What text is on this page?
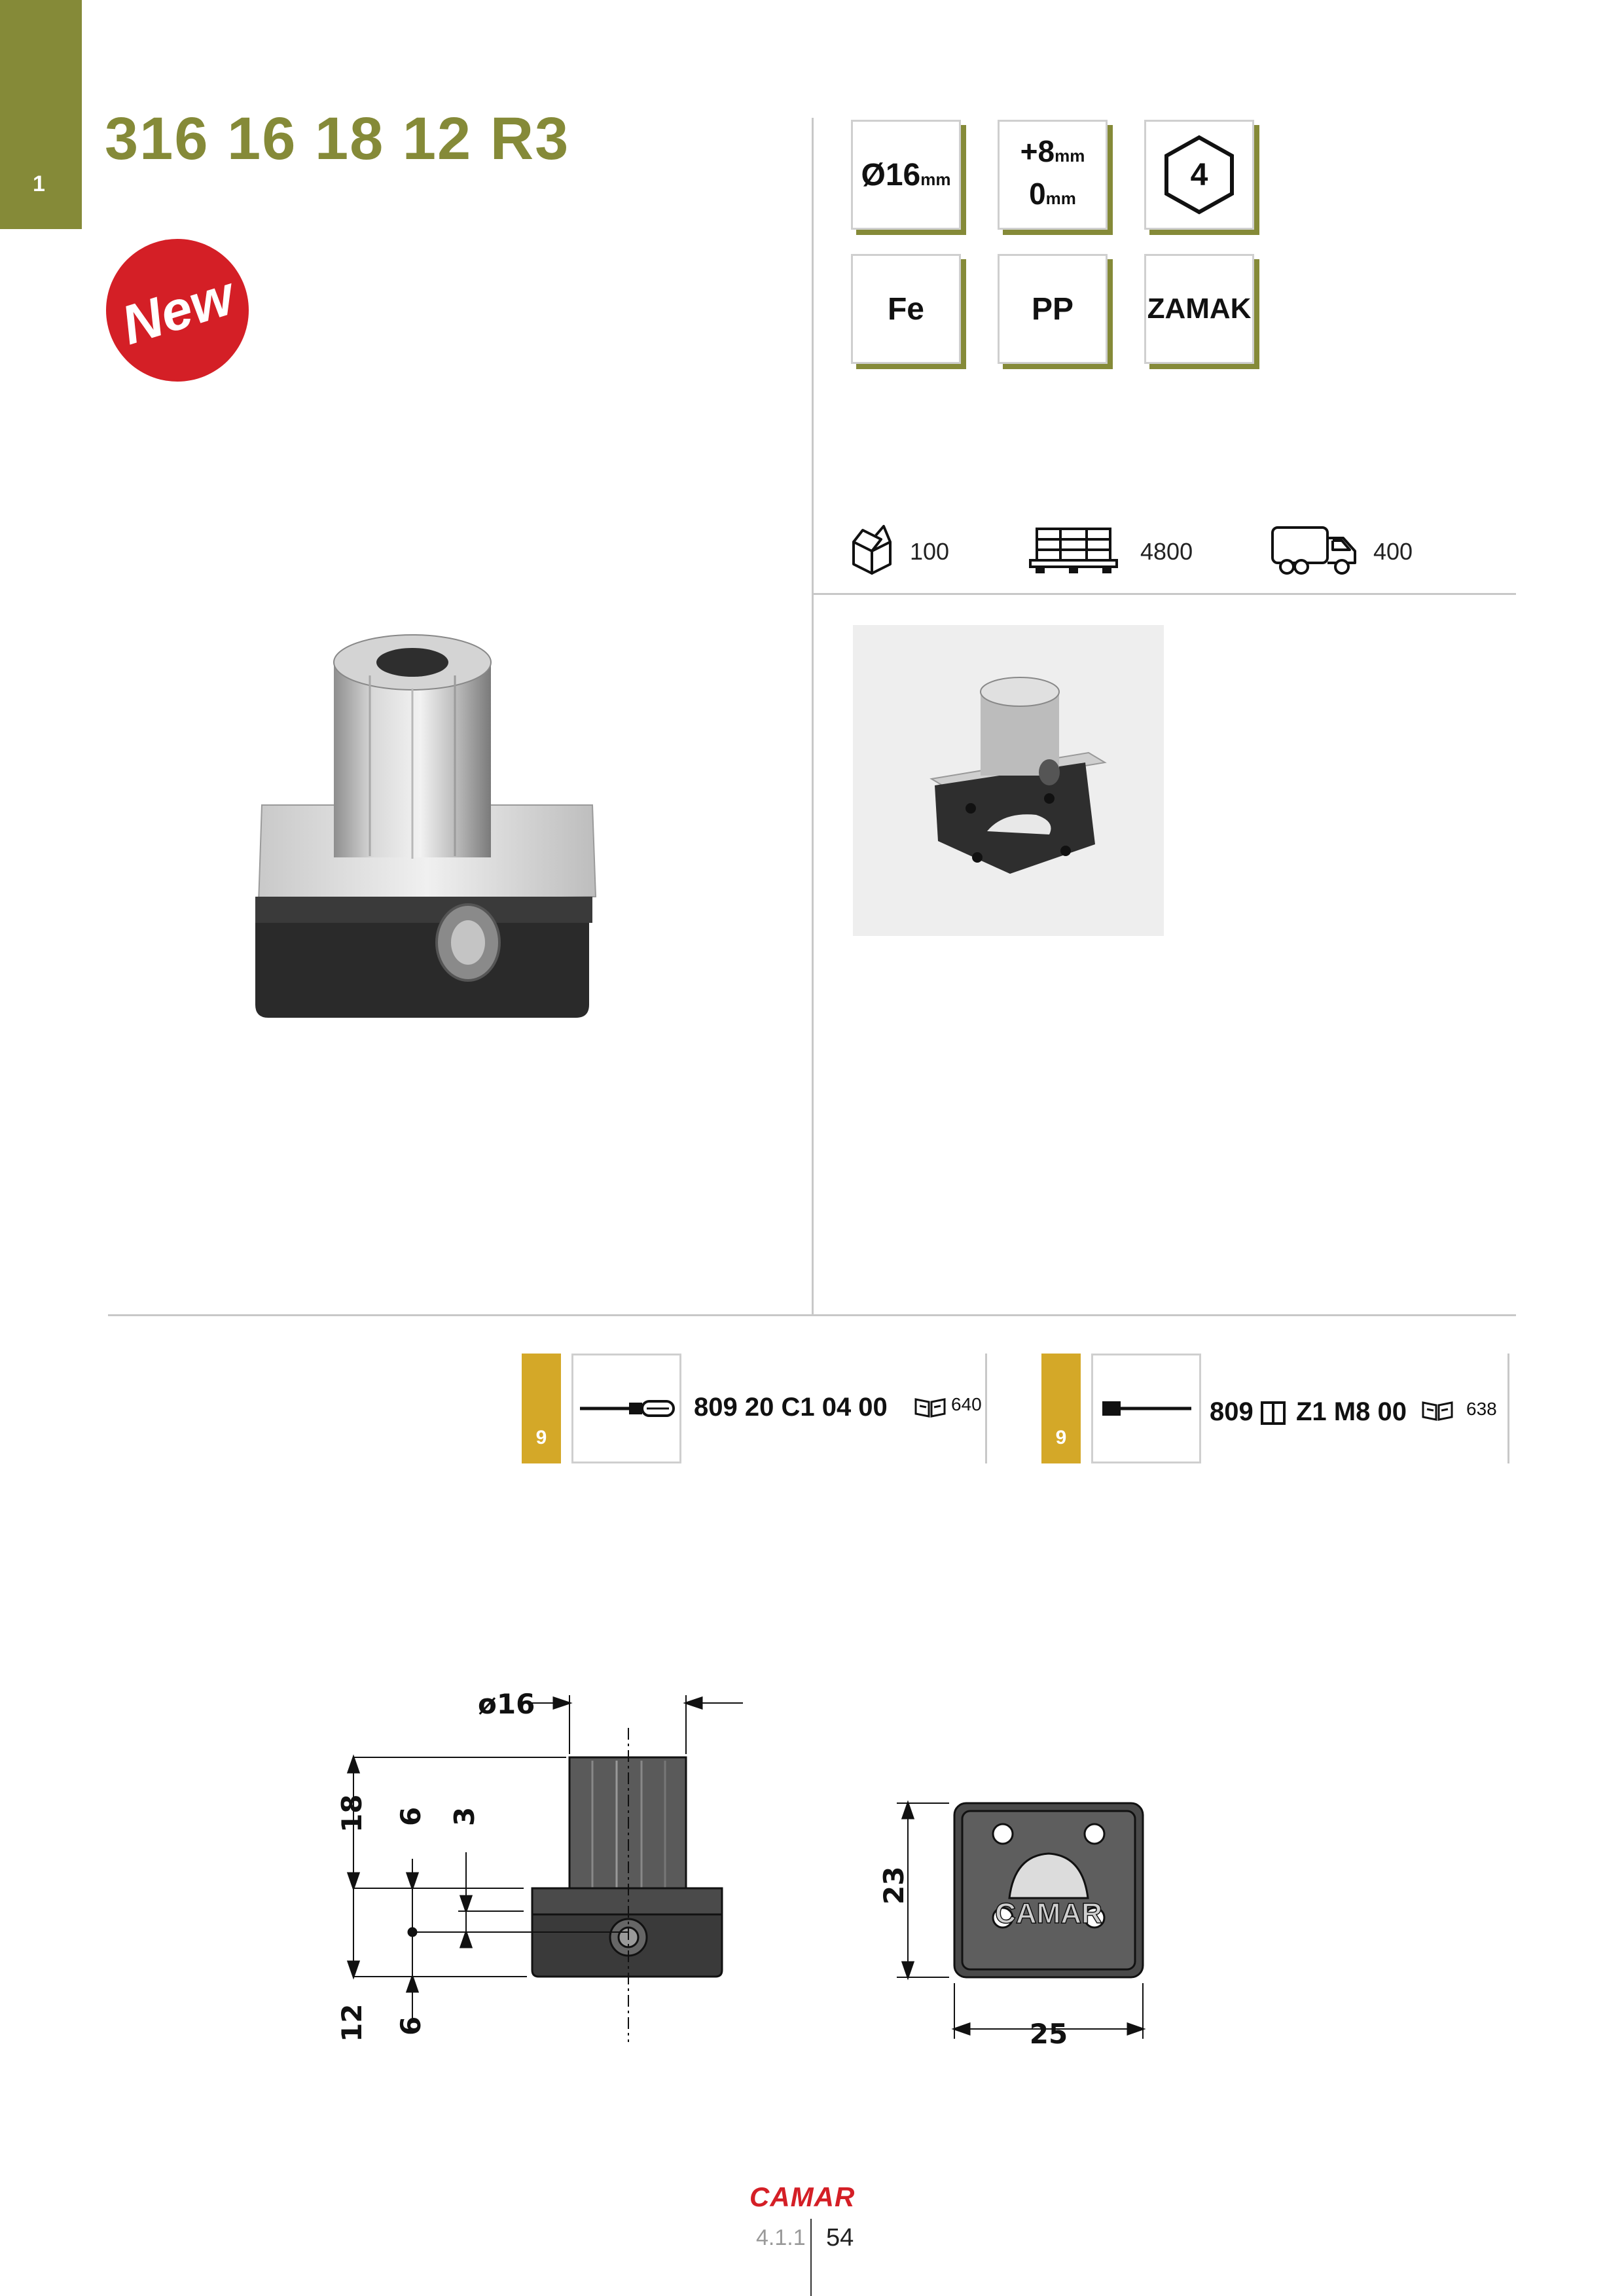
1
316 16 18 12 R3
New
Ø16mm
+8mm
0mm
4
Fe	PP	ZAMAK
100	4800	400
9
809 20 C1 04 00	640
9
809 Z1 M8 00	638
ø16
18 6 3
12 6
CAMAR
23
25
CAMAR
4.1.1 54
